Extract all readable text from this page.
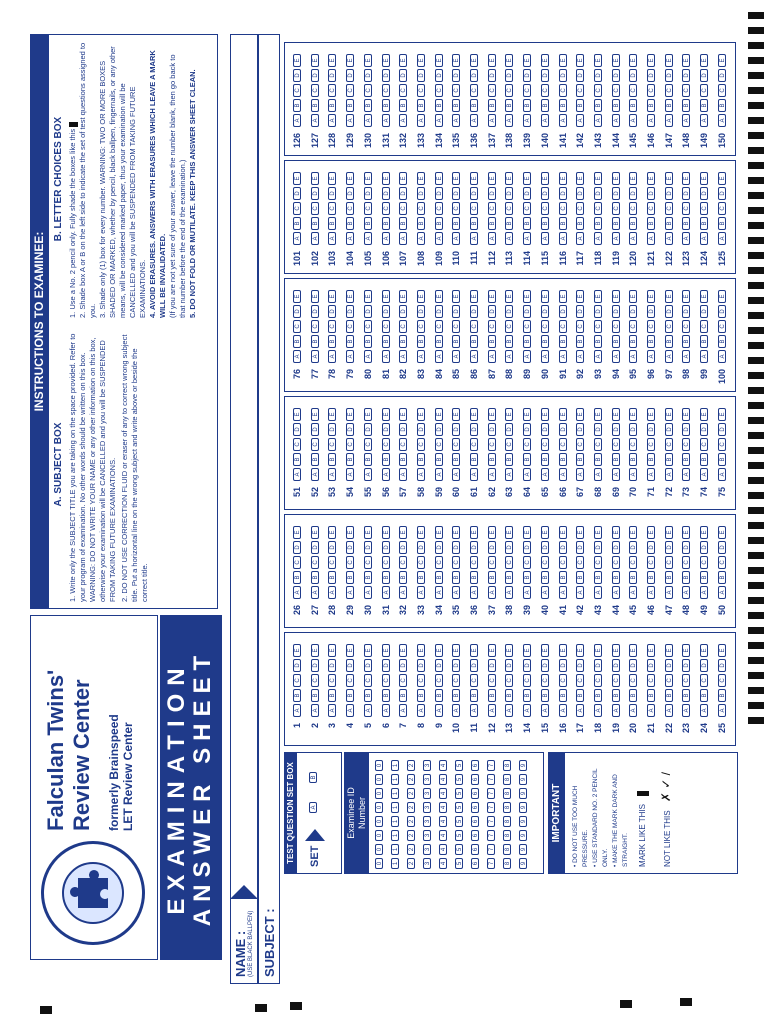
Falculan Twins' Review Center formerly Brainspeed LET Review Center EXAMINATION ANSWER SHEET
INSTRUCTIONS TO EXAMINEE:
A. SUBJECT BOX 1. Write only the SUBJECT TITLE you are taking on the space provided. Refer to your program of examination. No other words should be written on this box. WARNING: DO NOT WRITE YOUR NAME or any other information on this box, otherwise your examination will be CANCELLED and you will be SUSPENDED FROM TAKING FUTURE EXAMINATIONS. 2. DO NOT USE CORRECTION FLUID or eraser of any to correct wrong subject title. Put a horizontal line on the wrong subject and write above or beside the correct title.
B. LETTER CHOICES BOX 1. Use a No. 2 pencil only. Fully shade the boxes like this 2. Shade box A or B on the left side to indicate the set of test questions assigned to you. 3. Shade only (1) box for every number. WARNING: TWO OR MORE BOXES SHADED OR MARKED, whether by pencil, black ballpen, fingernails, or any other means, will be considered marked paper, thus your examination will be CANCELLED and you will be SUSPENDED FROM TAKING FUTURE EXAMINATIONS. 4. AVOID ERASURES. ANSWERS WITH ERASURES WHICH LEAVE A MARK WILL BE INVALIDATED. (If you are not yet sure of your answer, leave the number blank, then go back to that number before the end of the examination.) 5. DO NOT FOLD OR MUTILATE. KEEP THIS ANSWER SHEET CLEAN.
NAME : (USE BLACK BALLPEN) SUBJECT :
TEST QUESTION SET BOX SET
A
B
Examinee ID Number
0
0
0
0
0
0
0
0
1
1
1
1
1
1
1
1
2
2
2
2
2
2
2
2
3
3
3
3
3
3
3
3
4
4
4
4
4
4
4
4
5
5
5
5
5
5
5
5
6
6
6
6
6
6
6
6
7
7
7
7
7
7
7
7
8
8
8
8
8
8
8
8
9
9
9
9
9
9
9
9
IMPORTANT
• DO NOT USE TOO MUCH PRESSURE. • USE STANDARD NO. 2 PENCIL ONLY. • MAKE THE MARK DARK AND STRAIGHT. MARK LIKE THIS	NOT LIKE THIS ✗ ✓ /
1
A
B
C
D
E
2
A
B
C
D
E
3
A
B
C
D
E
4
A
B
C
D
E
5
A
B
C
D
E
6
A
B
C
D
E
7
A
B
C
D
E
8
A
B
C
D
E
9
A
B
C
D
E
10
A
B
C
D
E
11
A
B
C
D
E
12
A
B
C
D
E
13
A
B
C
D
E
14
A
B
C
D
E
15
A
B
C
D
E
16
A
B
C
D
E
17
A
B
C
D
E
18
A
B
C
D
E
19
A
B
C
D
E
20
A
B
C
D
E
21
A
B
C
D
E
22
A
B
C
D
E
23
A
B
C
D
E
24
A
B
C
D
E
25
A
B
C
D
E
26
A
B
C
D
E
27
A
B
C
D
E
28
A
B
C
D
E
29
A
B
C
D
E
30
A
B
C
D
E
31
A
B
C
D
E
32
A
B
C
D
E
33
A
B
C
D
E
34
A
B
C
D
E
35
A
B
C
D
E
36
A
B
C
D
E
37
A
B
C
D
E
38
A
B
C
D
E
39
A
B
C
D
E
40
A
B
C
D
E
41
A
B
C
D
E
42
A
B
C
D
E
43
A
B
C
D
E
44
A
B
C
D
E
45
A
B
C
D
E
46
A
B
C
D
E
47
A
B
C
D
E
48
A
B
C
D
E
49
A
B
C
D
E
50
A
B
C
D
E
51
A
B
C
D
E
52
A
B
C
D
E
53
A
B
C
D
E
54
A
B
C
D
E
55
A
B
C
D
E
56
A
B
C
D
E
57
A
B
C
D
E
58
A
B
C
D
E
59
A
B
C
D
E
60
A
B
C
D
E
61
A
B
C
D
E
62
A
B
C
D
E
63
A
B
C
D
E
64
A
B
C
D
E
65
A
B
C
D
E
66
A
B
C
D
E
67
A
B
C
D
E
68
A
B
C
D
E
69
A
B
C
D
E
70
A
B
C
D
E
71
A
B
C
D
E
72
A
B
C
D
E
73
A
B
C
D
E
74
A
B
C
D
E
75
A
B
C
D
E
76
A
B
C
D
E
77
A
B
C
D
E
78
A
B
C
D
E
79
A
B
C
D
E
80
A
B
C
D
E
81
A
B
C
D
E
82
A
B
C
D
E
83
A
B
C
D
E
84
A
B
C
D
E
85
A
B
C
D
E
86
A
B
C
D
E
87
A
B
C
D
E
88
A
B
C
D
E
89
A
B
C
D
E
90
A
B
C
D
E
91
A
B
C
D
E
92
A
B
C
D
E
93
A
B
C
D
E
94
A
B
C
D
E
95
A
B
C
D
E
96
A
B
C
D
E
97
A
B
C
D
E
98
A
B
C
D
E
99
A
B
C
D
E
100
A
B
C
D
E
101
A
B
C
D
E
102
A
B
C
D
E
103
A
B
C
D
E
104
A
B
C
D
E
105
A
B
C
D
E
106
A
B
C
D
E
107
A
B
C
D
E
108
A
B
C
D
E
109
A
B
C
D
E
110
A
B
C
D
E
111
A
B
C
D
E
112
A
B
C
D
E
113
A
B
C
D
E
114
A
B
C
D
E
115
A
B
C
D
E
116
A
B
C
D
E
117
A
B
C
D
E
118
A
B
C
D
E
119
A
B
C
D
E
120
A
B
C
D
E
121
A
B
C
D
E
122
A
B
C
D
E
123
A
B
C
D
E
124
A
B
C
D
E
125
A
B
C
D
E
126
A
B
C
D
E
127
A
B
C
D
E
128
A
B
C
D
E
129
A
B
C
D
E
130
A
B
C
D
E
131
A
B
C
D
E
132
A
B
C
D
E
133
A
B
C
D
E
134
A
B
C
D
E
135
A
B
C
D
E
136
A
B
C
D
E
137
A
B
C
D
E
138
A
B
C
D
E
139
A
B
C
D
E
140
A
B
C
D
E
141
A
B
C
D
E
142
A
B
C
D
E
143
A
B
C
D
E
144
A
B
C
D
E
145
A
B
C
D
E
146
A
B
C
D
E
147
A
B
C
D
E
148
A
B
C
D
E
149
A
B
C
D
E
150
A
B
C
D
E
